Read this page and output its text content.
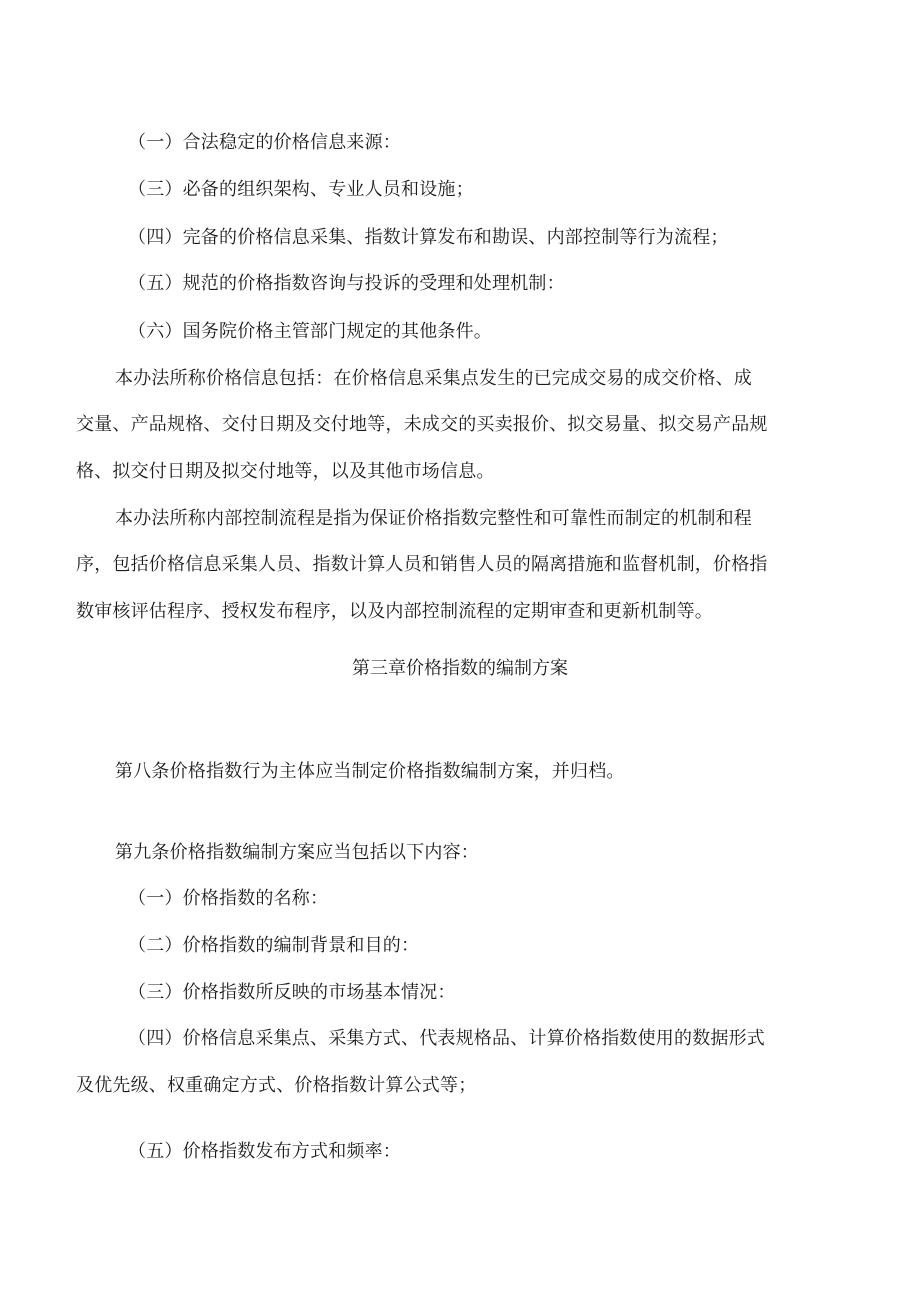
（一）合法稳定的价格信息来源：
（三）必备的组织架构、专业人员和设施；
（四）完备的价格信息采集、指数计算发布和勘误、内部控制等行为流程；
（五）规范的价格指数咨询与投诉的受理和处理机制：
（六）国务院价格主管部门规定的其他条件。
本办法所称价格信息包括：在价格信息采集点发生的已完成交易的成交价格、成
交量、产品规格、交付日期及交付地等，未成交的买卖报价、拟交易量、拟交易产品规
格、拟交付日期及拟交付地等，以及其他市场信息。
本办法所称内部控制流程是指为保证价格指数完整性和可靠性而制定的机制和程
序，包括价格信息采集人员、指数计算人员和销售人员的隔离措施和监督机制，价格指
数审核评估程序、授权发布程序，以及内部控制流程的定期审查和更新机制等。
第三章价格指数的编制方案
第八条价格指数行为主体应当制定价格指数编制方案，并归档。
第九条价格指数编制方案应当包括以下内容：
（一）价格指数的名称：
（二）价格指数的编制背景和目的：
（三）价格指数所反映的市场基本情况：
（四）价格信息采集点、采集方式、代表规格品、计算价格指数使用的数据形式
及优先级、权重确定方式、价格指数计算公式等；
（五）价格指数发布方式和频率：
